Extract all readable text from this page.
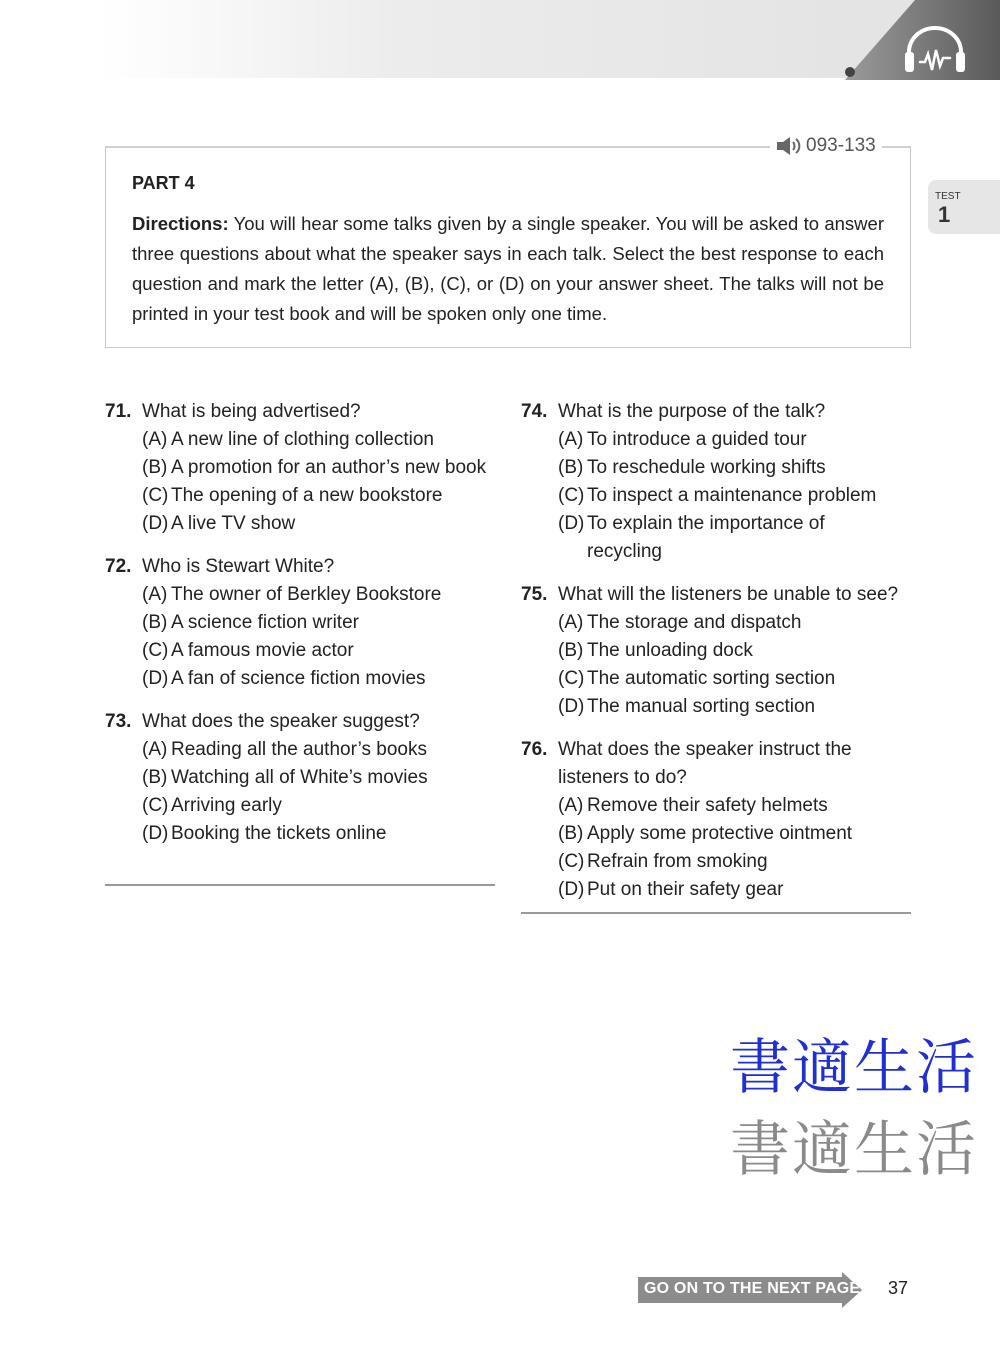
093-133
PART 4
Directions: You will hear some talks given by a single speaker. You will be asked to answer three questions about what the speaker says in each talk. Select the best response to each question and mark the letter (A), (B), (C), or (D) on your answer sheet. The talks will not be printed in your test book and will be spoken only one time.
TEST
1
71. What is being advertised?
(A) A new line of clothing collection
(B) A promotion for an author’s new book
(C) The opening of a new bookstore
(D) A live TV show
72. Who is Stewart White?
(A) The owner of Berkley Bookstore
(B) A science fiction writer
(C) A famous movie actor
(D) A fan of science fiction movies
73. What does the speaker suggest?
(A) Reading all the author’s books
(B) Watching all of White’s movies
(C) Arriving early
(D) Booking the tickets online
74. What is the purpose of the talk?
(A) To introduce a guided tour
(B) To reschedule working shifts
(C) To inspect a maintenance problem
(D) To explain the importance of recycling
75. What will the listeners be unable to see?
(A) The storage and dispatch
(B) The unloading dock
(C) The automatic sorting section
(D) The manual sorting section
76. What does the speaker instruct the listeners to do?
(A) Remove their safety helmets
(B) Apply some protective ointment
(C) Refrain from smoking
(D) Put on their safety gear
書適生活
書適生活
GO ON TO THE NEXT PAGE 37
